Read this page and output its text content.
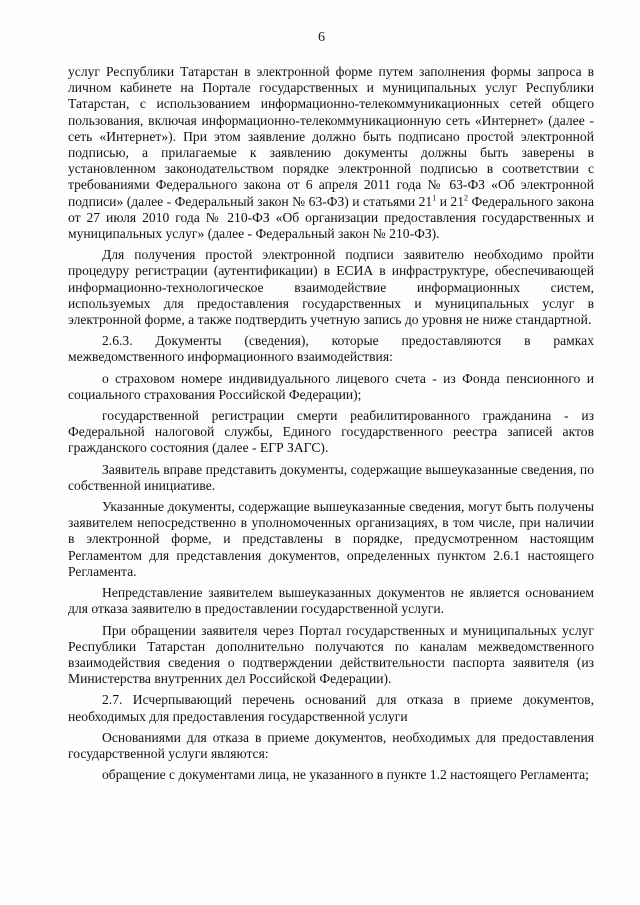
6

услуг Республики Татарстан в электронной форме путем заполнения формы запроса в личном кабинете на Портале государственных и муниципальных услуг Республики Татарстан, с использованием информационно-телекоммуникационных сетей общего пользования, включая информационно-телекоммуникационную сеть «Интернет» (далее - сеть «Интернет»). При этом заявление должно быть подписано простой электронной подписью, а прилагаемые к заявлению документы должны быть заверены в установленном законодательством порядке электронной подписью в соответствии с требованиями Федерального закона от 6 апреля 2011 года № 63-ФЗ «Об электронной подписи» (далее - Федеральный закон № 63-ФЗ) и статьями $21^1$ и $21^2$ Федерального закона от 27 июля 2010 года № 210-ФЗ «Об организации предоставления государственных и муниципальных услуг» (далее - Федеральный закон № 210-ФЗ).

Для получения простой электронной подписи заявителю необходимо пройти процедуру регистрации (аутентификации) в ЕСИА в инфраструктуре, обеспечивающей информационно-технологическое взаимодействие информационных систем, используемых для предоставления государственных и муниципальных услуг в электронной форме, а также подтвердить учетную запись до уровня не ниже стандартной.

2.6.3. Документы (сведения), которые предоставляются в рамках межведомственного информационного взаимодействия:

о страховом номере индивидуального лицевого счета - из Фонда пенсионного и социального страхования Российской Федерации);

государственной регистрации смерти реабилитированного гражданина - из Федеральной налоговой службы, Единого государственного реестра записей актов гражданского состояния (далее - ЕГР ЗАГС).

Заявитель вправе представить документы, содержащие вышеуказанные сведения, по собственной инициативе.

Указанные документы, содержащие вышеуказанные сведения, могут быть получены заявителем непосредственно в уполномоченных организациях, в том числе, при наличии в электронной форме, и представлены в порядке, предусмотренном настоящим Регламентом для представления документов, определенных пунктом 2.6.1 настоящего Регламента.

Непредставление заявителем вышеуказанных документов не является основанием для отказа заявителю в предоставлении государственной услуги.

При обращении заявителя через Портал государственных и муниципальных услуг Республики Татарстан дополнительно получаются по каналам межведомственного взаимодействия сведения о подтверждении действительности паспорта заявителя (из Министерства внутренних дел Российской Федерации).

2.7. Исчерпывающий перечень оснований для отказа в приеме документов, необходимых для предоставления государственной услуги

Основаниями для отказа в приеме документов, необходимых для предоставления государственной услуги являются:

обращение с документами лица, не указанного в пункте 1.2 настоящего Регламента;
